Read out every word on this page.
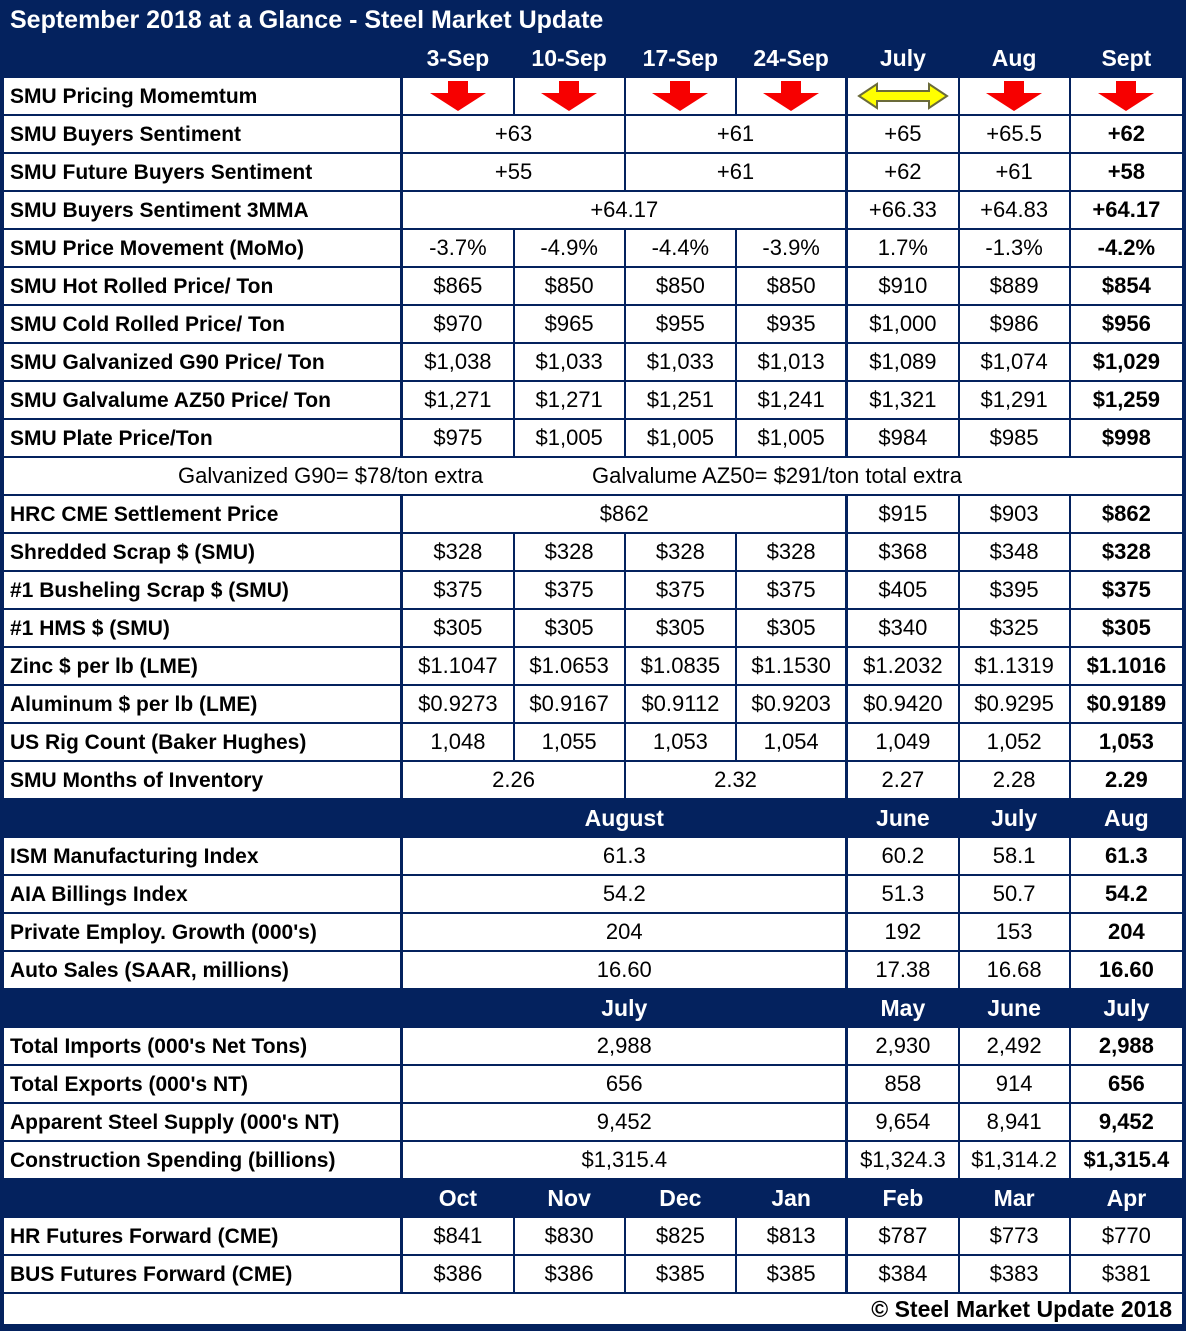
September 2018 at a Glance - Steel Market Update
3-Sep	10-Sep	17-Sep	24-Sep	July	Aug	Sept
SMU Pricing Momemtum
SMU Buyers Sentiment	+63	+61	+65	+65.5	+62
SMU Future Buyers Sentiment	+55	+61	+62	+61	+58
SMU Buyers Sentiment 3MMA	+64.17	+66.33	+64.83	+64.17
SMU Price Movement (MoMo)	-3.7%	-4.9%	-4.4%	-3.9%	1.7%	-1.3%	-4.2%
SMU Hot Rolled Price/ Ton	$865	$850	$850	$850	$910	$889	$854
SMU Cold Rolled Price/ Ton	$970	$965	$955	$935	$1,000	$986	$956
SMU Galvanized G90 Price/ Ton	$1,038	$1,033	$1,033	$1,013	$1,089	$1,074	$1,029
SMU Galvalume AZ50 Price/ Ton	$1,271	$1,271	$1,251	$1,241	$1,321	$1,291	$1,259
SMU Plate Price/Ton	$975	$1,005	$1,005	$1,005	$984	$985	$998
Galvanized G90= $78/ton extra	Galvalume AZ50= $291/ton total extra
HRC CME Settlement Price	$862	$915	$903	$862
Shredded Scrap $ (SMU)	$328	$328	$328	$328	$368	$348	$328
#1 Busheling Scrap $ (SMU)	$375	$375	$375	$375	$405	$395	$375
#1 HMS $ (SMU)	$305	$305	$305	$305	$340	$325	$305
Zinc $ per lb (LME)	$1.1047	$1.0653	$1.0835	$1.1530	$1.2032	$1.1319	$1.1016
Aluminum $ per lb (LME)	$0.9273	$0.9167	$0.9112	$0.9203	$0.9420	$0.9295	$0.9189
US Rig Count (Baker Hughes)	1,048	1,055	1,053	1,054	1,049	1,052	1,053
SMU Months of Inventory	2.26	2.32	2.27	2.28	2.29
August	June	July	Aug
ISM Manufacturing Index	61.3	60.2	58.1	61.3
AIA Billings Index	54.2	51.3	50.7	54.2
Private Employ. Growth (000's)	204	192	153	204
Auto Sales (SAAR, millions)	16.60	17.38	16.68	16.60
July	May	June	July
Total Imports (000's Net Tons)	2,988	2,930	2,492	2,988
Total Exports (000's NT)	656	858	914	656
Apparent Steel Supply (000's NT)	9,452	9,654	8,941	9,452
Construction Spending (billions)	$1,315.4	$1,324.3	$1,314.2	$1,315.4
Oct	Nov	Dec	Jan	Feb	Mar	Apr
HR Futures Forward (CME)	$841	$830	$825	$813	$787	$773	$770
BUS Futures Forward (CME)	$386	$386	$385	$385	$384	$383	$381
© Steel Market Update 2018
